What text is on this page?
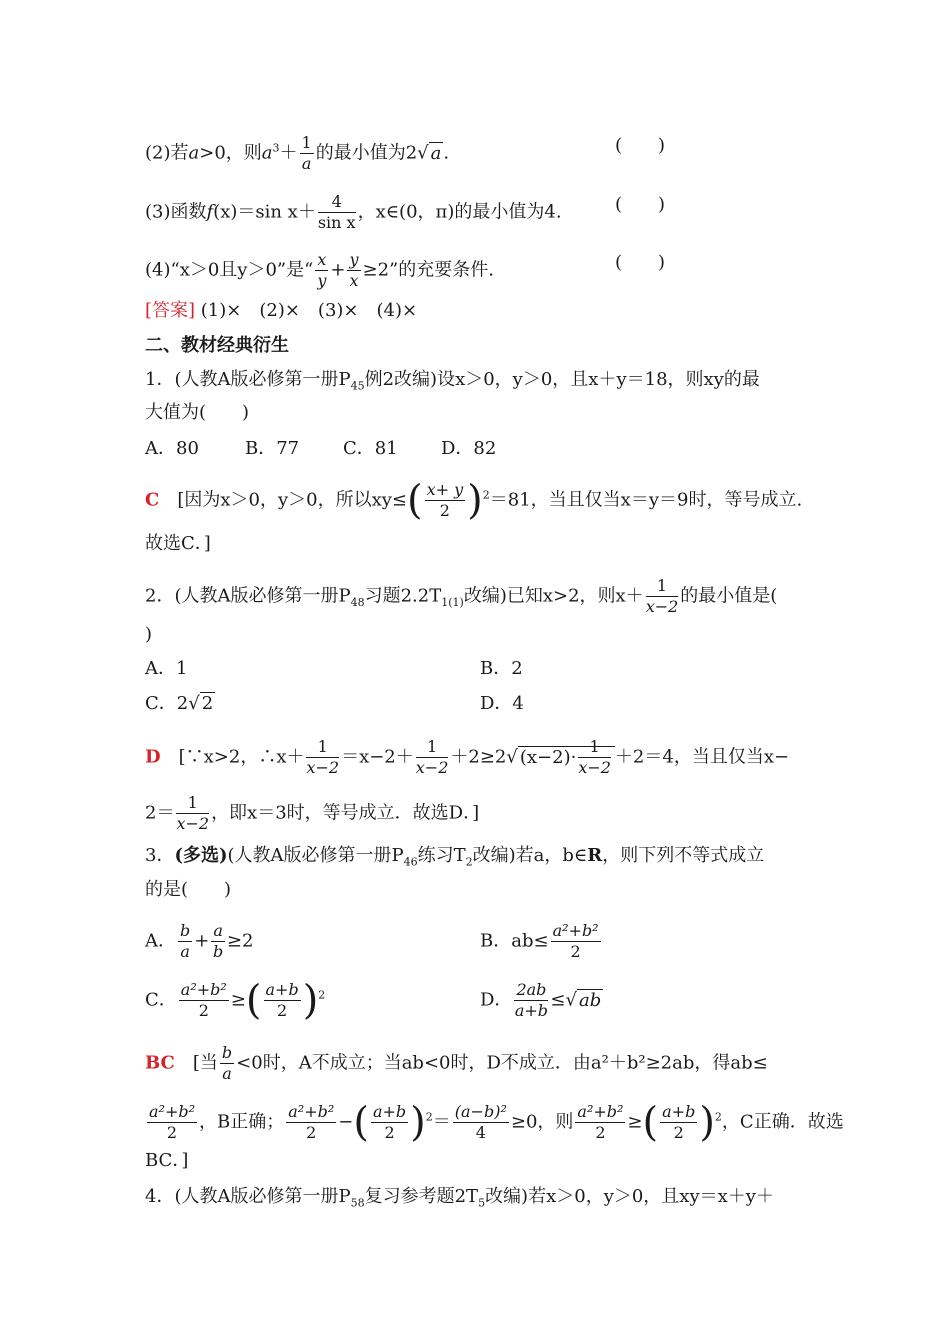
(2)若a>0，则$a^3+ \frac{1}{a}$ 的最小值为2√ a .	(　　)
(3)函数f(x)＝sin $x+ \frac{4}{\text{sin x}}$ ，x∈(0，π)的最小值为4.	(　　)
(4)“x＞0且y＞0”是“ $\frac{x}{y} + \frac{y}{x} \ge 2$”的充要条件.	(　　)
[答案] (1)×　(2)×　(3)×　(4)×
二、教材经典衍生
1．(人教A版必修第一册$P_{45}$例2改编)设x＞0，y＞0，且x＋y＝18，则xy的最
大值为(　　)
A．80	B．77 C．81 D．82
C　[因为x＞0，y＞0，所以$xy\le( \frac{x+ y}{2} )^2=81$，当且仅当x＝y＝9时，等号成立.
故选C．]
2．(人教A版必修第一册$P_{48}$习题$2.2T_{1(1)}$改编)已知x>2，则$x+ \frac{1}{x-2}$ 的最小值是(
)
A．1	B．2
C．2√ 2	D．4
D　[∵x>2，∴x＋ $\frac{1}{x-2} =x-2+ \frac{1}{x-2} +2\ge 2√$ $(x-2)\cdot \frac{1}{x-2} +2=4$，当且仅当x−
$2= \frac{1}{x-2}$ ，即x＝3时，等号成立．故选D．]
3．(多选)(人教A版必修第一册$P_{46}$练习$T_2$改编)若a，b∈R，则下列不等式成立
的是(　　)
A． $\frac{b}{a} + \frac{a}{b} \ge 2$	B．$ab\le \frac{\text{a²+b²}}{2}$
C． $\frac{\text{a²+b²}}{2}$ ≥( $\frac{a+b}{2} )^2$	D． $\frac{2ab}{a+b}$ ≤√ ab
BC　[当 $\frac{b}{a} <0$时，A不成立；当ab<0时，D不成立．由a²＋b²≥2ab，得ab≤
$\frac{\text{a²+b²}}{2}$ ，B正确； $\frac{\text{a²+b²}}{2}$ −( $\frac{a+b}{2} )^2= \frac{\text{(a−b)²}}{4} \ge 0$，则 $\frac{\text{a²+b²}}{2}$ ≥( $\frac{a+b}{2} )^2$，C正确．故选
BC．]
4．(人教A版必修第一册$P_{58}$复习参考题$2T_5$改编)若x＞0，y＞0，且xy＝x＋y＋
